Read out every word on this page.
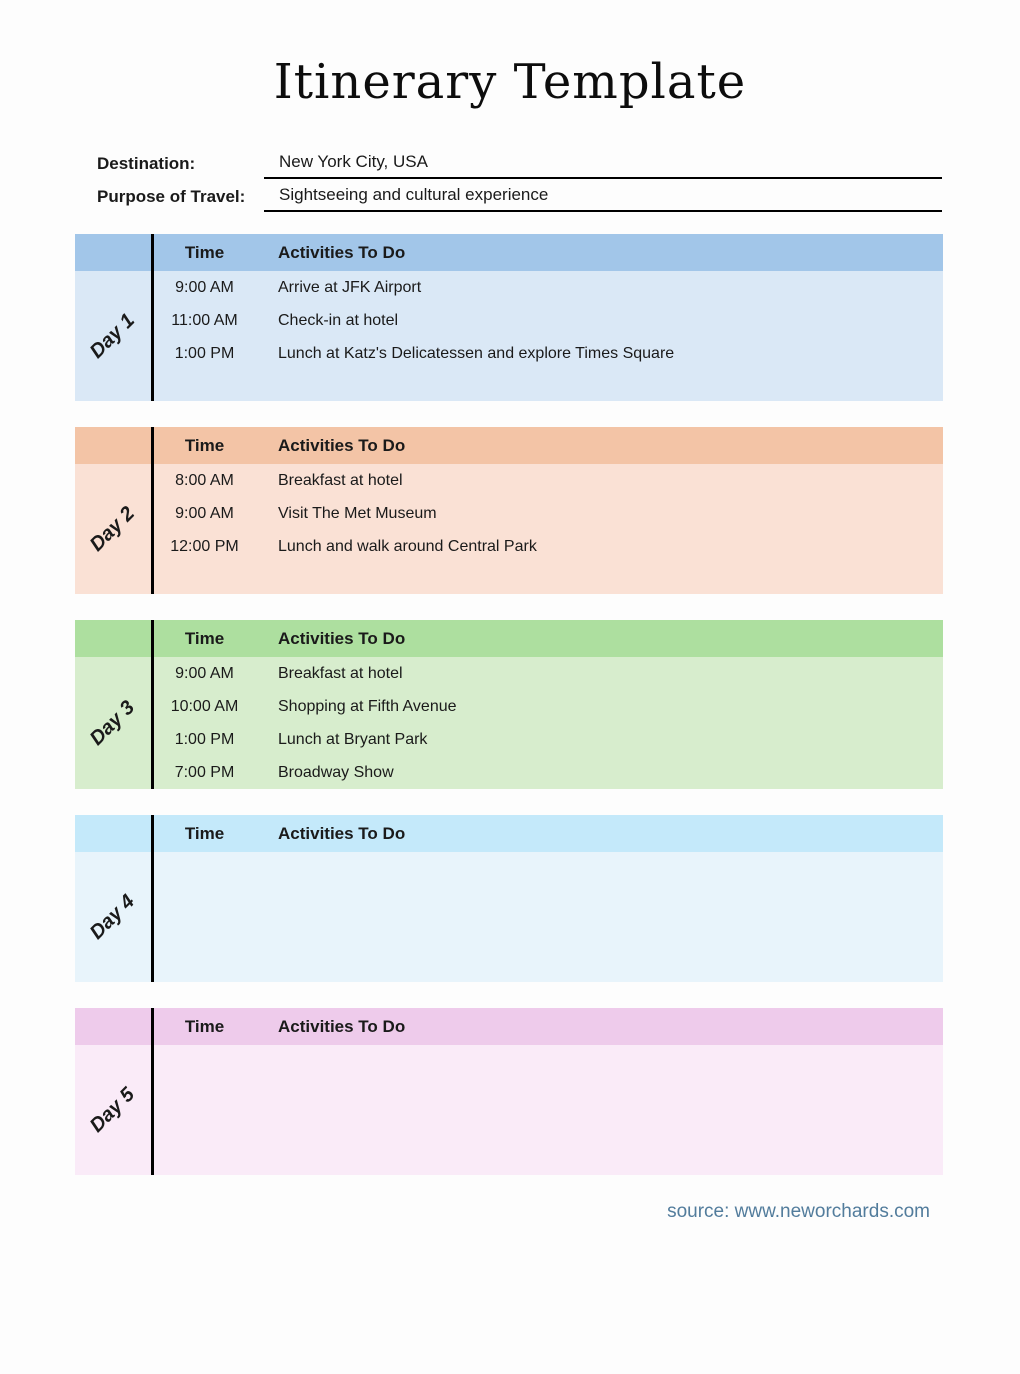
Itinerary Template
Destination:	New York City, USA
Purpose of Travel:	Sightseeing and cultural experience
Time	Activities To Do
Day 1
9:00 AM	Arrive at JFK Airport
11:00 AM	Check-in at hotel
1:00 PM	Lunch at Katz's Delicatessen and explore Times Square
Time	Activities To Do
Day 2
8:00 AM	Breakfast at hotel
9:00 AM	Visit The Met Museum
12:00 PM	Lunch and walk around Central Park
Time	Activities To Do
Day 3
9:00 AM	Breakfast at hotel
10:00 AM	Shopping at Fifth Avenue
1:00 PM	Lunch at Bryant Park
7:00 PM	Broadway Show
Time	Activities To Do
Day 4
Time	Activities To Do
Day 5
source: www.neworchards.com
